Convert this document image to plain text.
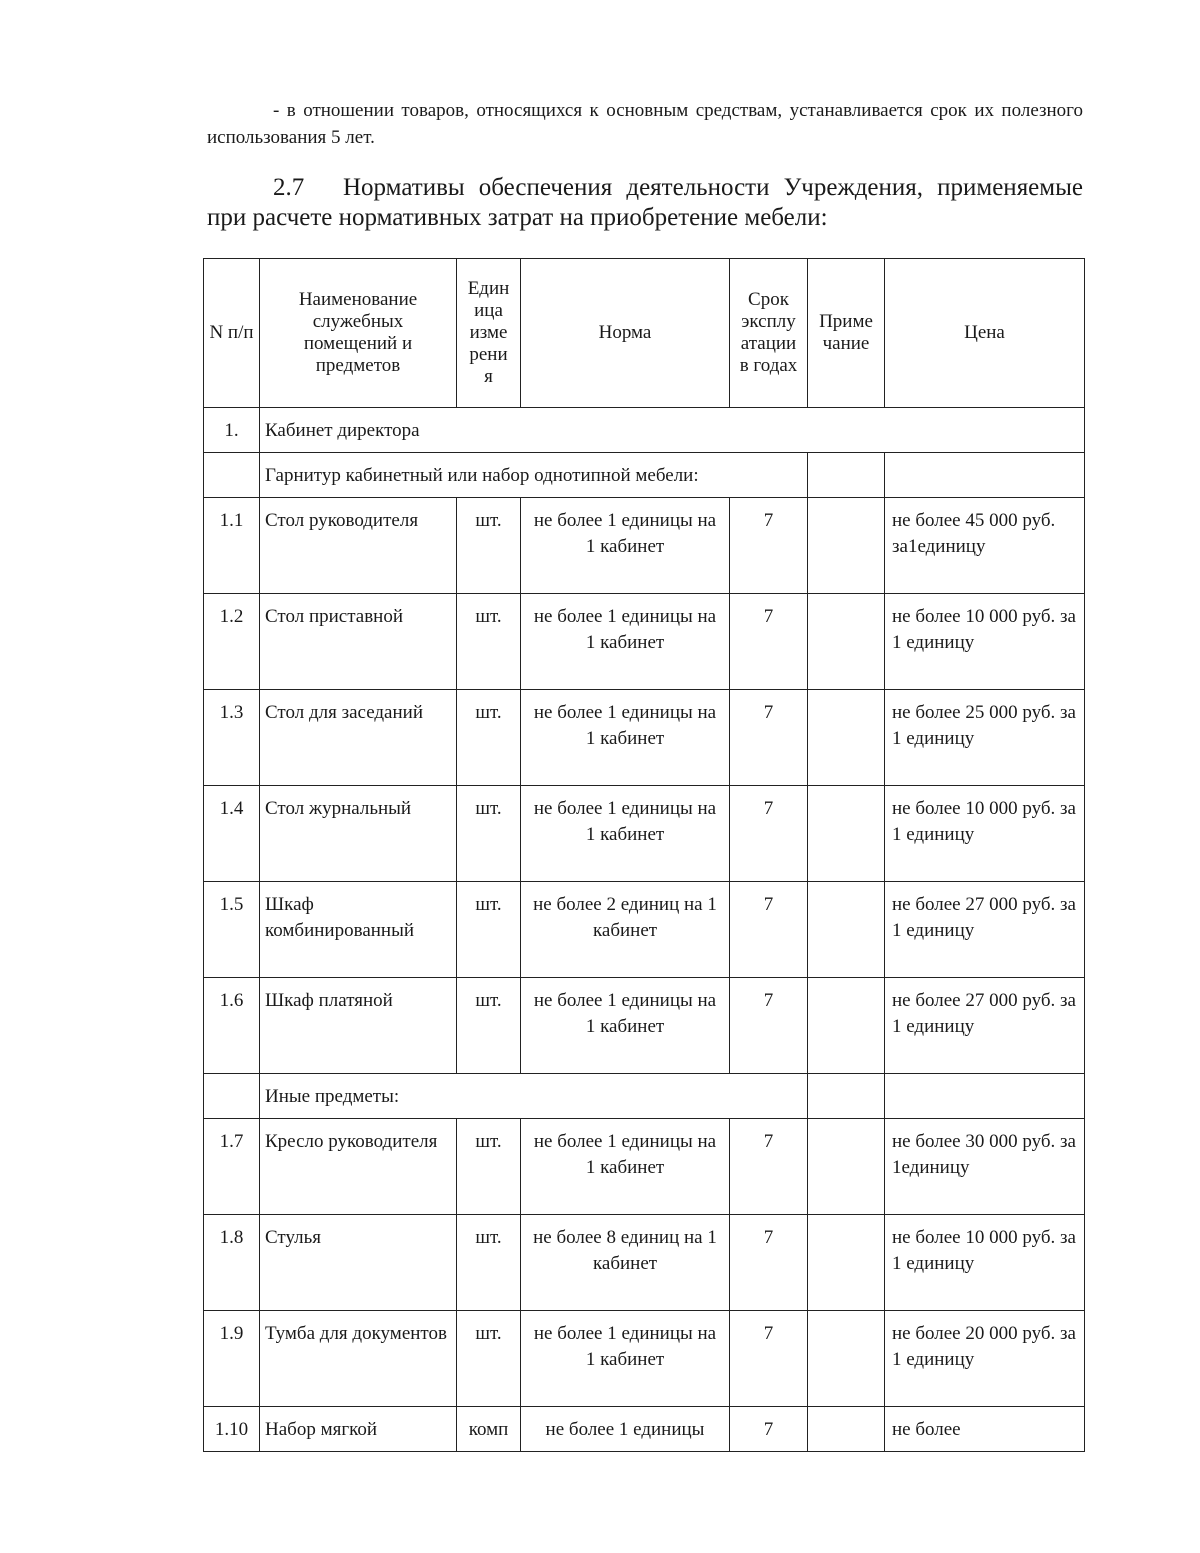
- в отношении товаров, относящихся к основным средствам, устанавливается срок их полезного использования 5 лет.

2.7 Нормативы обеспечения деятельности Учреждения, применяемые при расчете нормативных затрат на приобретение мебели:

N п/п	Наименование служебных помещений и предметов	Един ица изме рени я	Норма	Срок эксплу атации в годах	Приме чание	Цена
1.	Кабинет директора					
	Гарнитур кабинетный или набор однотипной мебели:					
1.1	Стол руководителя	шт.	не более 1 единицы на 1 кабинет	7		не более 45 000 руб. за1единицу
1.2	Стол приставной	шт.	не более 1 единицы на 1 кабинет	7		не более 10 000 руб. за 1 единицу
1.3	Стол для заседаний	шт.	не более 1 единицы на 1 кабинет	7		не более 25 000 руб. за 1 единицу
1.4	Стол журнальный	шт.	не более 1 единицы на 1 кабинет	7		не более 10 000 руб. за 1 единицу
1.5	Шкаф комбинированный	шт.	не более 2 единиц на 1 кабинет	7		не более 27 000 руб. за 1 единицу
1.6	Шкаф платяной	шт.	не более 1 единицы на 1 кабинет	7		не более 27 000 руб. за 1 единицу
	Иные предметы:					
1.7	Кресло руководителя	шт.	не более 1 единицы на 1 кабинет	7		не более 30 000 руб. за 1единицу
1.8	Стулья	шт.	не более 8 единиц на 1 кабинет	7		не более 10 000 руб. за 1 единицу
1.9	Тумба для документов	шт.	не более 1 единицы на 1 кабинет	7		не более 20 000 руб. за 1 единицу
1.10	Набор мягкой	комп	не более 1 единицы	7		не более
